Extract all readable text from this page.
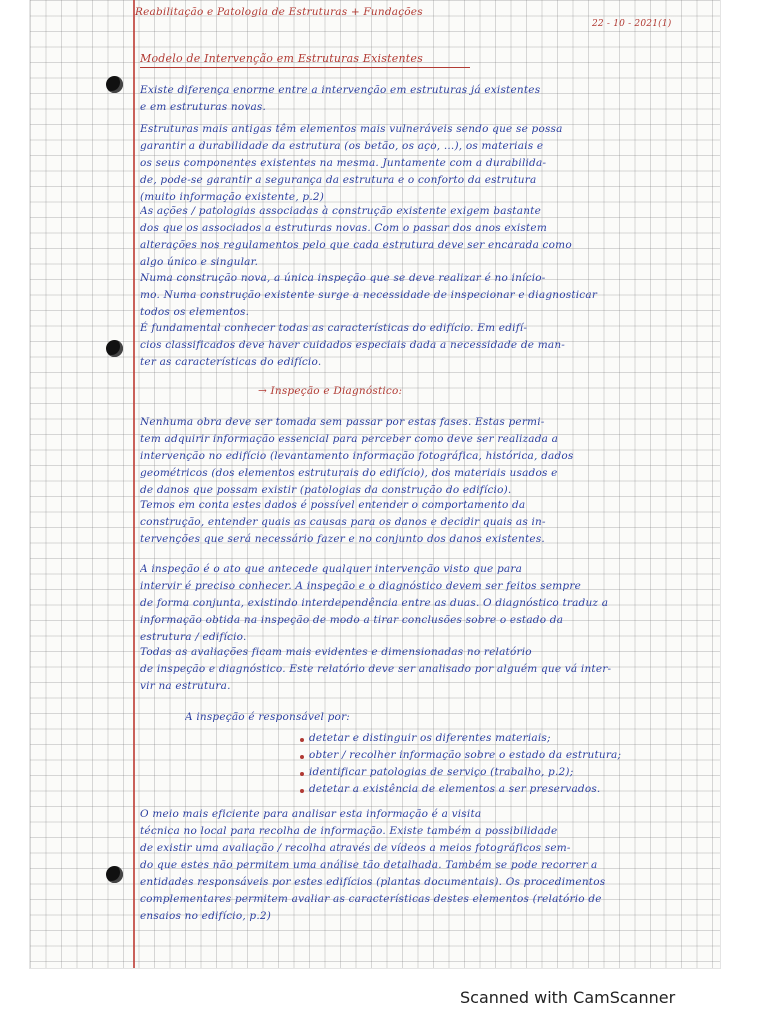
Reabilitação e Patologia de Estruturas + Fundações
22 - 10 - 2021(1)
Modelo de Intervenção em Estruturas Existentes
Existe diferença enorme entre a intervenção em estruturas já existentes
e em estruturas novas.
Estruturas mais antigas têm elementos mais vulneráveis sendo que se possa
garantir a durabilidade da estrutura (os betão, os aço, ...), os materiais e
os seus componentes existentes na mesma. Juntamente com a durabilida-
de, pode-se garantir a segurança da estrutura e o conforto da estrutura
(muito informação existente, p.2)
As ações / patologias associadas à construção existente exigem bastante
dos que os associados a estruturas novas. Com o passar dos anos existem
alterações nos regulamentos pelo que cada estrutura deve ser encarada como
algo único e singular.
Numa construção nova, a única inspeção que se deve realizar é no início-
mo. Numa construção existente surge a necessidade de inspecionar e diagnosticar
todos os elementos.
É fundamental conhecer todas as características do edifício. Em edifí-
cios classificados deve haver cuidados especiais dada a necessidade de man-
ter as características do edifício.
→ Inspeção e Diagnóstico:
Nenhuma obra deve ser tomada sem passar por estas fases. Estas permi-
tem adquirir informação essencial para perceber como deve ser realizada a
intervenção no edifício (levantamento informação fotográfica, histórica, dados
geométricos (dos elementos estruturais do edifício), dos materiais usados e
de danos que possam existir (patologias da construção do edifício).
Temos em conta estes dados é possível entender o comportamento da
construção, entender quais as causas para os danos e decidir quais as in-
tervenções que será necessário fazer e no conjunto dos danos existentes.
A inspeção é o ato que antecede qualquer intervenção visto que para
intervir é preciso conhecer. A inspeção e o diagnóstico devem ser feitos sempre
de forma conjunta, existindo interdependência entre as duas. O diagnóstico traduz a
informação obtida na inspeção de modo a tirar conclusões sobre o estado da
estrutura / edifício.
Todas as avaliações ficam mais evidentes e dimensionadas no relatório
de inspeção e diagnóstico. Este relatório deve ser analisado por alguém que vá inter-
vir na estrutura.
A inspeção é responsável por:
detetar e distinguir os diferentes materiais;
obter / recolher informação sobre o estado da estrutura;
identificar patologias de serviço (trabalho, p.2);
detetar a existência de elementos a ser preservados.
O meio mais eficiente para analisar esta informação é a visita
técnica no local para recolha de informação. Existe também a possibilidade
de existir uma avaliação / recolha através de vídeos a meios fotográficos sem-
do que estes não permitem uma análise tão detalhada. Também se pode recorrer a
entidades responsáveis por estes edifícios (plantas documentais). Os procedimentos
complementares permitem avaliar as características destes elementos (relatório de
ensaios no edifício, p.2)
Scanned with CamScanner
